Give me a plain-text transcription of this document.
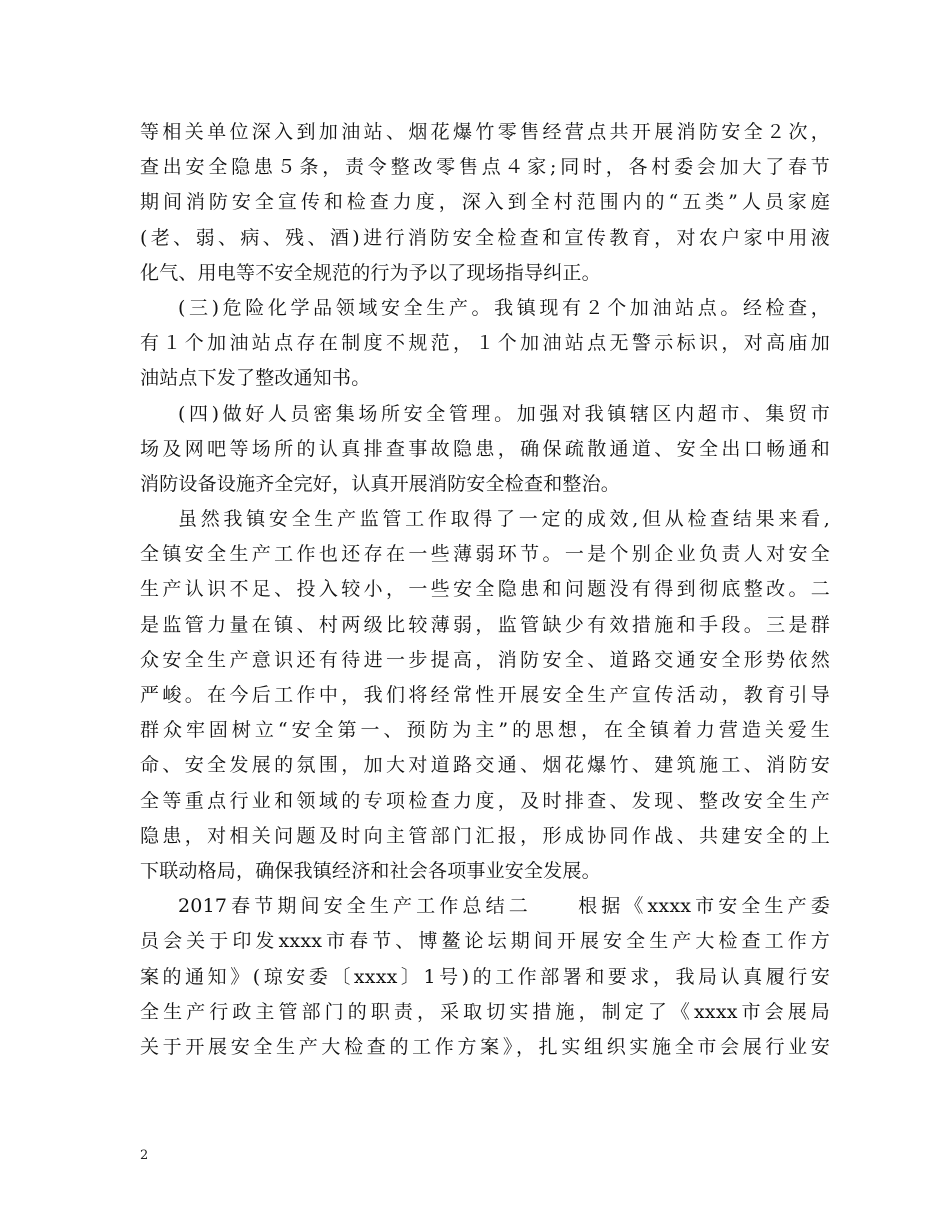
等相关单位深入到加油站、烟花爆竹零售经营点共开展消防安全２次，
查出安全隐患５条，责令整改零售点４家;同时，各村委会加大了春节
期间消防安全宣传和检查力度，深入到全村范围内的“五类”人员家庭
(老、弱、病、残、酒)进行消防安全检查和宣传教育，对农户家中用液
化气、用电等不安全规范的行为予以了现场指导纠正。
(三)危险化学品领域安全生产。我镇现有２个加油站点。经检查，
有１个加油站点存在制度不规范，１个加油站点无警示标识，对高庙加
油站点下发了整改通知书。
(四)做好人员密集场所安全管理。加强对我镇辖区内超市、集贸市
场及网吧等场所的认真排查事故隐患，确保疏散通道、安全出口畅通和
消防设备设施齐全完好，认真开展消防安全检查和整治。
虽然我镇安全生产监管工作取得了一定的成效,但从检查结果来看,
全镇安全生产工作也还存在一些薄弱环节。一是个别企业负责人对安全
生产认识不足、投入较小，一些安全隐患和问题没有得到彻底整改。二
是监管力量在镇、村两级比较薄弱，监管缺少有效措施和手段。三是群
众安全生产意识还有待进一步提高，消防安全、道路交通安全形势依然
严峻。在今后工作中，我们将经常性开展安全生产宣传活动，教育引导
群众牢固树立“安全第一、预防为主”的思想，在全镇着力营造关爱生
命、安全发展的氛围，加大对道路交通、烟花爆竹、建筑施工、消防安
全等重点行业和领域的专项检查力度，及时排查、发现、整改安全生产
隐患，对相关问题及时向主管部门汇报，形成协同作战、共建安全的上
下联动格局，确保我镇经济和社会各项事业安全发展。
2017春节期间安全生产工作总结二　　根据《xxxx市安全生产委
员会关于印发xxxx市春节、博鳌论坛期间开展安全生产大检查工作方
案的通知》(琼安委〔xxxx〕1号)的工作部署和要求，我局认真履行安
全生产行政主管部门的职责，采取切实措施，制定了《xxxx市会展局
关于开展安全生产大检查的工作方案》，扎实组织实施全市会展行业安
2
